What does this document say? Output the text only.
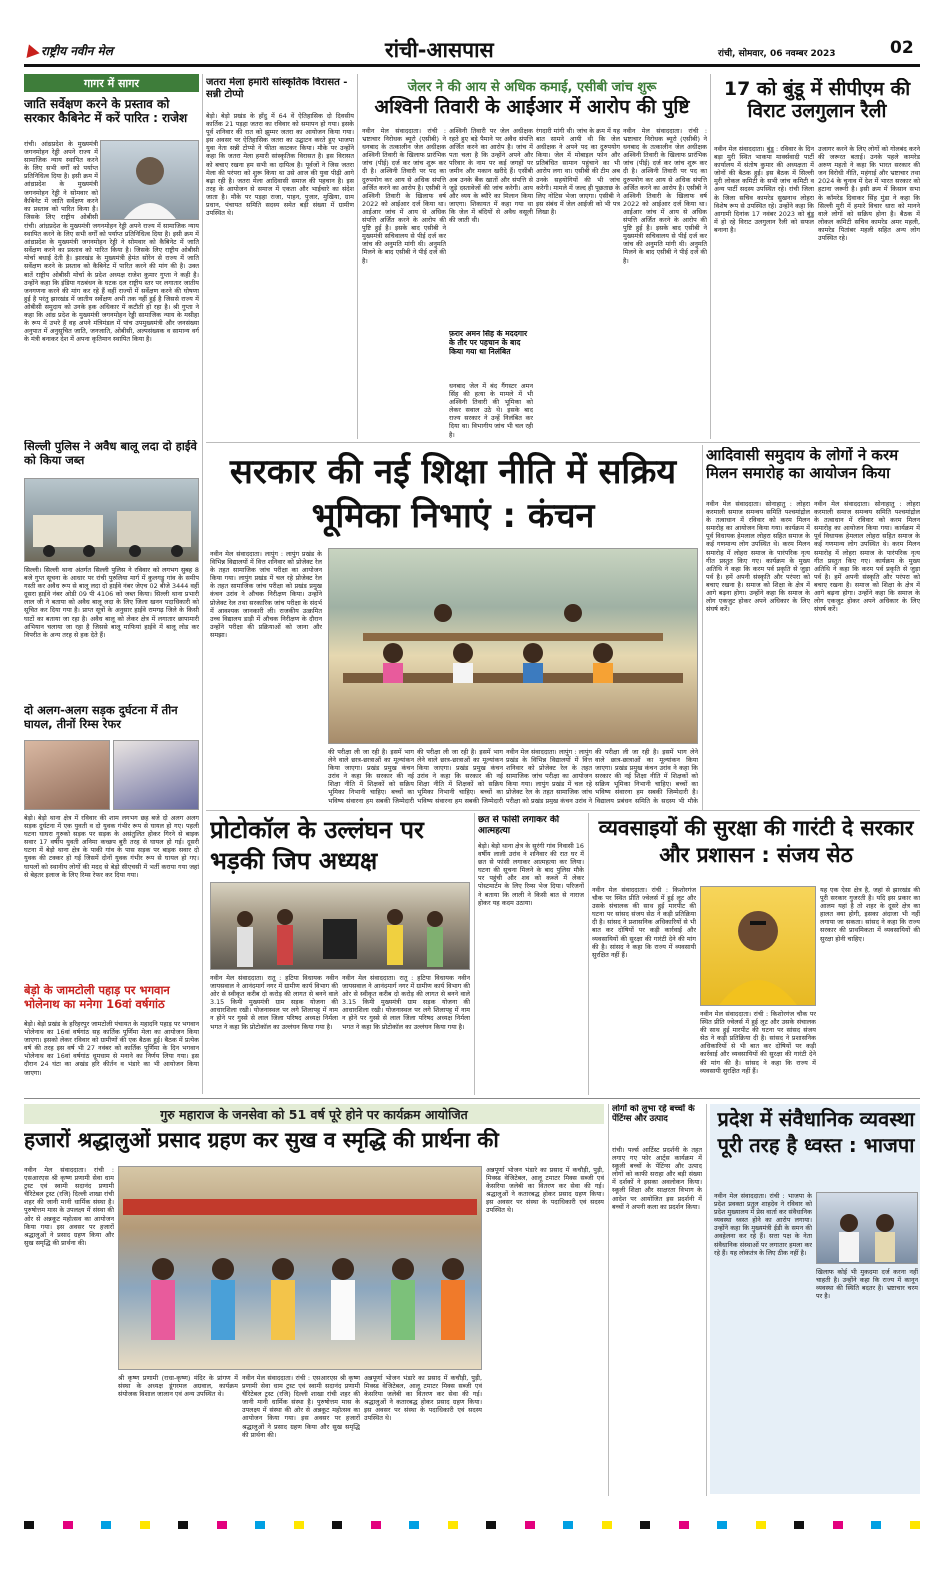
राष्ट्रीय नवीन मेल	रांची-आसपास	रांची, सोमवार, 06 नवम्बर 2023	02
गागर में सागर
जाति सर्वेक्षण करने के प्रस्ताव को सरकार कैबिनेट में करें पारित : राजेश
रांची। आंध्रप्रदेश के मुख्यमंत्री जगनमोहन रेड्डी अपने राज्य में सामाजिक न्याय स्थापित करने के लिए सभी वर्गों को पर्याप्त प्रतिनिधित्व दिया है। इसी क्रम में आंध्रप्रदेश के मुख्यमंत्री जगनमोहन रेड्डी ने सोमवार को कैबिनेट में जाति सर्वेक्षण करने का प्रस्ताव को पारित किया है। जिसके लिए राष्ट्रीय ओबीसी
रांची। आंध्रप्रदेश के मुख्यमंत्री जगनमोहन रेड्डी अपने राज्य में सामाजिक न्याय स्थापित करने के लिए सभी वर्गों को पर्याप्त प्रतिनिधित्व दिया है। इसी क्रम में आंध्रप्रदेश के मुख्यमंत्री जगनमोहन रेड्डी ने सोमवार को कैबिनेट में जाति सर्वेक्षण करने का प्रस्ताव को पारित किया है। जिसके लिए राष्ट्रीय ओबीसी मोर्चा बधाई देती है। झारखंड के मुख्यमंत्री हेमंत सोरेन से राज्य में जाति सर्वेक्षण करने के प्रस्ताव को कैबिनेट में पारित करने की मांग की है। उक्त बातें राष्ट्रीय ओबीसी मोर्चा के प्रदेश अध्यक्ष राजेश कुमार गुप्ता ने कही है। उन्होंने कहा कि इंडिया गठबंधन के घटक दल राष्ट्रीय स्तर पर लगातार जातीय जनगणना करने की मांग कर रहे हैं वहीं राज्यों में सर्वेक्षण करने की घोषणा हुई है परंतु झारखंड में जातीय सर्वेक्षण अभी तक नहीं हुई है जिससे राज्य में ओबीसी समुदाय को उनके हक अधिकार में कटौती हो रहा है। श्री गुप्ता ने कहा कि आंध्र प्रदेश के मुख्यमंत्री जगनमोहन रेड्डी सामाजिक न्याय के मसीहा के रूप में उभरे हैं वह अपने मंत्रिमंडल में पांच उपमुख्यमंत्री और जनसंख्या अनुपात में अनुसूचित जाति, जनजाति, ओबीसी, अल्पसंख्यक व सामान्य वर्ग के मंत्री बनाकर देश में अपना कृतिमान स्थापित किया है।
सिल्ली पुलिस ने अवैध बालू लदा दो हाईवे को किया जब्त
सिल्ली। सिल्ली थाना अंतर्गत सिल्ली पुलिस ने रविवार को लगभग सुबह 8 बजे गुप्त सूचना के आधार पर रांची पुरुलिया मार्ग में कुलगडु गांव के समीप गस्ती कर अवैध रूप से बालू लदा दो हाईवे नंबर जेएच 02 बीजे 3444 वहीं दूसरा हाईवे नंबर ओडी 09 पी 4106 को जब्त किया। सिल्ली थाना प्रभारी लाल जी ने बताया को अवैध बालू लदा के लिए जिला खनन पदाधिकारी को सूचित कर दिया गया है। प्राप्त सूत्रों के अनुसार हाईवे रामगढ़ जिले के किसी घाटों का बताया जा रहा है। अवैध बालू को लेकर क्षेत्र में लगातार छापामारी अभियान चलाया जा रहा है जिससे बालू माफियां हाईवे में बालू लोड कर विपरीत के अन्य तरह से हक देते हैं।
दो अलग-अलग सड़क दुर्घटना में तीन घायल, तीनों रिम्स रेफर
बेड़ो। बेड़ो थाना क्षेत्र में रविवार की शाम लगभग छह बजे दो अलग अलग सड़क दुर्घटना में एक युवती व दो युवक गंभीर रूप से घायल हो गए। पहली घटना घाघरा गुरुको सड़क पर सड़क के असंतुलित होकर गिरने से बाइक सवार 17 वर्षीय युवती अनिमा कच्छप बुरी तरह से घायल हो गई। दूसरी घटना में बेड़ो थाना क्षेत्र के पाकी गांव के पास सड़क पर बाइक सवार दो युवक की टक्कर हो गई जिसमें दोनों युवक गंभीर रूप से घायल हो गए। घायलों को स्थानीय लोगों की मदद से बेड़ो सीएचसी में भर्ती कराया गया जहां से बेहतर इलाज के लिए रिम्स रेफर कर दिया गया।
बेड़ो के जामटोली पहाड़ पर भगवान भोलेनाथ का मनेगा 16वां वर्षगांठ
बेड़ो। बेड़ो प्रखंड के हरिहरपुर जामटोली पंचायत के महादनि पहाड़ पर भगवान भोलेनाथ का 16वां वर्षगांठ सह कार्तिक पूर्णिमा मेला का आयोजन किया जाएगा। इसको लेकर रविवार को ग्रामीणों की एक बैठक हुई। बैठक में प्रत्येक वर्ष की तरह इस वर्ष भी 27 नवंबर को कार्तिक पूर्णिमा के दिन भगवान भोलेनाथ का 16वां वर्षगांठ धूमधाम से मनाने का निर्णय लिया गया। इस दौरान 24 घंटा का अखंड हरि कीर्तन व भंडारे का भी आयोजन किया जाएगा।
जतरा मेला हमारी सांस्कृतिक विरासत - सन्नी टोप्पो
बेड़ो। बेड़ो प्रखंड के हाँदु में 64 वें ऐतिहासिक दो दिवसीय कार्तिक 21 पड़हा जतरा का रविवार को समापन हो गया। इसके पूर्व शनिवार की रात को झुम्मर जतरा का आयोजन किया गया। इस अवसर पर ऐतिहासिक जतरा का उद्घाटन करते हुए भाजपा युवा नेता सन्नी टोप्पो ने फीता काटकर किया। मौके पर उन्होंने कहा कि जतरा मेला हमारी सांस्कृतिक विरासत है। इस विरासत को बचाए रखना हम सभी का दायित्व है। पूर्वजों ने जिस जतरा मेला की परंपरा को शुरू किया था उसे आज की युवा पीढ़ी आगे बढ़ा रही है। जतरा मेला आदिवासी समाज की पहचान है। इस तरह के आयोजन से समाज में एकता और भाईचारे का संदेश जाता है। मौके पर पड़हा राजा, पाहन, पुजार, मुखिया, ग्राम प्रधान, पंचायत समिति सदस्य समेत बड़ी संख्या में ग्रामीण उपस्थित थे।
जेलर ने की आय से अधिक कमाई, एसीबी जांच शुरू
अश्विनी तिवारी के आईआर में आरोप की पुष्टि
नवीन मेल संवाददाता। रांची : भ्रष्टाचार निरोधक ब्यूरो (एसीबी) ने धनबाद के तत्कालीन जेल अधीक्षक अश्विनी तिवारी के खिलाफ प्रारंभिक जांच (पीई) दर्ज कर जांच शुरू कर दी है। अश्विनी तिवारी पर पद का दुरुपयोग कर आय से अधिक संपत्ति अर्जित करने का आरोप है। एसीबी ने अश्विनी तिवारी के खिलाफ वर्ष 2022 को आईआर दर्ज किया था। आईआर जांच में आय से अधिक संपत्ति अर्जित करने के आरोप की पुष्टि हुई है। इसके बाद एसीबी ने मुख्यमंत्री सचिवालय से पीई दर्ज कर जांच की अनुमति मांगी थी। अनुमति मिलने के बाद एसीबी ने पीई दर्ज की है।
अश्विनी तिवारी पर जेल अधीक्षक रहते हुए बड़े पैमाने पर अवैध संपत्ति अर्जित करने का आरोप है। जांच में पता चला है कि उन्होंने अपने और परिवार के नाम पर कई जगहों पर जमीन और मकान खरीदे हैं। एसीबी अब उनके बैंक खातों और संपत्ति से जुड़े दस्तावेजों की जांच करेगी। आय और व्यय के ब्यौरे का मिलान किया जाएगा। शिकायत में कहा गया था कि जेल में बंदियों से अवैध वसूली की जाती थी।
फ़रार अमन सिंह के मददगार के तौर पर पहचान के बाद किया गया था निलंबित
धनबाद जेल में बंद गैंगस्टर अमन सिंह की हत्या के मामले में भी अश्विनी तिवारी की भूमिका को लेकर सवाल उठे थे। इसके बाद राज्य सरकार ने उन्हें निलंबित कर दिया था। विभागीय जांच भी चल रही है।
रंगदारी मांगी थी। जांच के क्रम में यह बात सामने आयी थी कि जेल अधीक्षक ने अपने पद का दुरुपयोग किया। जेल में मोबाइल फोन और प्रतिबंधित सामान पहुंचाने का भी आरोप लगा था। एसीबी की टीम अब उनके सहयोगियों की भी जांच करेगी। मामले में जल्द ही पूछताछ के लिए नोटिस भेजा जाएगा। एसीबी ने इस संबंध में जेल आईजी को भी पत्र लिखा है।
नवीन मेल संवाददाता। रांची : भ्रष्टाचार निरोधक ब्यूरो (एसीबी) ने धनबाद के तत्कालीन जेल अधीक्षक अश्विनी तिवारी के खिलाफ प्रारंभिक जांच (पीई) दर्ज कर जांच शुरू कर दी है। अश्विनी तिवारी पर पद का दुरुपयोग कर आय से अधिक संपत्ति अर्जित करने का आरोप है। एसीबी ने अश्विनी तिवारी के खिलाफ वर्ष 2022 को आईआर दर्ज किया था। आईआर जांच में आय से अधिक संपत्ति अर्जित करने के आरोप की पुष्टि हुई है। इसके बाद एसीबी ने मुख्यमंत्री सचिवालय से पीई दर्ज कर जांच की अनुमति मांगी थी। अनुमति मिलने के बाद एसीबी ने पीई दर्ज की है।
17 को बुंडू में सीपीएम की विराट उलगुलान रैली
नवीन मेल संवाददाता। बुंडू : रविवार के दिन बड़ा मुरी स्थित भाकपा मार्क्सवादी पार्टी कार्यालय में संतोष कुमार की अध्यक्षता में जोनों की बैठक हुई। इस बैठक में सिल्ली मुरी लोकल कमिटी के सभी जांच कमिटी व अन्य पार्टी सदस्य उपस्थित रहे। रांची जिला के जिला सचिव कामरेड सुखनाथ लोहरा विशेष रूप से उपस्थित रहे। उन्होंने कहा कि आगामी दिनांक 17 नवंबर 2023 को बुंडू में हो रहे विराट उलगुलान रैली को सफल बनाना है।
उजागर करने के लिए लोगों को गोलबंद करने की जरूरत बताई। उनके पहले कामरेड अरुण महतो ने कहा कि भारत सरकार की जन विरोधी नीति, महंगाई और भ्रष्टाचार तथा 2024 के चुनाव में देश में भारत सरकार को हटाना जरूरी है। इसी क्रम में किसान सभा के कॉमरेड दिवाकर सिंह मुंडा ने कहा कि सिल्ली मुरी में हमारे विचार धारा को मानने वाले लोगों को सक्रिय होना है। बैठक में लोकल कमिटी सचिव कामरेड अमर महली, कामरेड पितांबर महली सहित अन्य लोग उपस्थित रहे।
सरकार की नई शिक्षा नीति में सक्रिय भूमिका निभाएं : कंचन
नवीन मेल संवाददाता। लापुंग : लापुंग प्रखंड के विभिन्न विद्यालयों में वित्त शनिवार को प्रोजेक्ट रेल के तहत सामाजिक जांच परीक्षा का आयोजन किया गया। लापुंग प्रखंड में चल रहे प्रोजेक्ट रेल के तहत सामाजिक जांच परीक्षा को प्रखंड प्रमुख कंचन उरांव ने औचक निरीक्षण किया। उन्होंने प्रोजेक्ट रेल तथा सरकारिक जांच परीक्षा के संदर्भ में आवश्यक जानकारी ली। राजकीय उत्क्रमित उच्च विद्यालय डाड़ी में औचक निरीक्षण के दौरान उन्होंने परीक्षा की प्रक्रियाओं को जाना और समझा।
की परीक्षा ली जा रही है। इसमें भाग लेने वाले छात्र-छात्राओं का मूल्यांकन किया जाएगा। प्रखंड प्रमुख कंचन उरांव ने कहा कि सरकार की नई शिक्षा नीति में शिक्षकों को सक्रिय भूमिका निभानी चाहिए। बच्चों का भविष्य संवारना हम सबकी जिम्मेदारी
की परीक्षा ली जा रही है। इसमें भाग लेने वाले छात्र-छात्राओं का मूल्यांकन किया जाएगा। प्रखंड प्रमुख कंचन उरांव ने कहा कि सरकार की नई शिक्षा नीति में शिक्षकों को सक्रिय भूमिका निभानी चाहिए। बच्चों का भविष्य संवारना हम सबकी जिम्मेदारी
नवीन मेल संवाददाता। लापुंग : लापुंग प्रखंड के विभिन्न विद्यालयों में वित्त शनिवार को प्रोजेक्ट रेल के तहत सामाजिक जांच परीक्षा का आयोजन किया गया। लापुंग प्रखंड में चल रहे प्रोजेक्ट रेल के तहत सामाजिक जांच परीक्षा को प्रखंड प्रमुख कंचन उरांव ने
की परीक्षा ली जा रही है। इसमें भाग लेने वाले छात्र-छात्राओं का मूल्यांकन किया जाएगा। प्रखंड प्रमुख कंचन उरांव ने कहा कि सरकार की नई शिक्षा नीति में शिक्षकों को सक्रिय भूमिका निभानी चाहिए। बच्चों का भविष्य संवारना हम सबकी जिम्मेदारी है। विद्यालय प्रबंधन समिति के सदस्य भी मौके
आदिवासी समुदाय के लोगों ने करम मिलन समारोह का आयोजन किया
नवीन मेल संवाददाता। सोनाहातु : लोहरा करमाली समाज समन्वय समिति पश्चमांद्रोल के तत्वाधान में रविवार को करम मिलन समारोह का आयोजन किया गया। कार्यक्रम में पूर्व विधायक हेमलाल लोहरा सहित समाज के कई गणमान्य लोग उपस्थित थे। करम मिलन समारोह में लोहरा समाज के पारंपरिक नृत्य गीत प्रस्तुत किए गए। कार्यक्रम के मुख्य अतिथि ने कहा कि करम पर्व प्रकृति से जुड़ा पर्व है। हमें अपनी संस्कृति और परंपरा को बचाए रखना है। समाज को शिक्षा के क्षेत्र में आगे बढ़ना होगा। उन्होंने कहा कि समाज के लोग एकजुट होकर अपने अधिकार के लिए संघर्ष करें।
नवीन मेल संवाददाता। सोनाहातु : लोहरा करमाली समाज समन्वय समिति पश्चमांद्रोल के तत्वाधान में रविवार को करम मिलन समारोह का आयोजन किया गया। कार्यक्रम में पूर्व विधायक हेमलाल लोहरा सहित समाज के कई गणमान्य लोग उपस्थित थे। करम मिलन समारोह में लोहरा समाज के पारंपरिक नृत्य गीत प्रस्तुत किए गए। कार्यक्रम के मुख्य अतिथि ने कहा कि करम पर्व प्रकृति से जुड़ा पर्व है। हमें अपनी संस्कृति और परंपरा को बचाए रखना है। समाज को शिक्षा के क्षेत्र में आगे बढ़ना होगा। उन्होंने कहा कि समाज के लोग एकजुट होकर अपने अधिकार के लिए संघर्ष करें।
प्रोटोकॉल के उल्लंघन पर भड़की जिप अध्यक्ष
नवीन मेल संवाददाता। रातू : हटिया विधायक नवीन जायसवाल ने आनंदमार्ग नगर में ग्रामीण कार्य विभाग की ओर से स्वीकृत करीब दो करोड़ की लागत से बनने वाले 3.15 किमी मुख्यमंत्री ग्राम सड़क योजना की आधारशिला रखी। योजनास्थल पर लगे शिलापट्ट में नाम न होने पर गुस्से से लाल जिला परिषद अध्यक्ष निर्मला भगत ने कहा कि प्रोटोकॉल का उल्लंघन किया गया है।
नवीन मेल संवाददाता। रातू : हटिया विधायक नवीन जायसवाल ने आनंदमार्ग नगर में ग्रामीण कार्य विभाग की ओर से स्वीकृत करीब दो करोड़ की लागत से बनने वाले 3.15 किमी मुख्यमंत्री ग्राम सड़क योजना की आधारशिला रखी। योजनास्थल पर लगे शिलापट्ट में नाम न होने पर गुस्से से लाल जिला परिषद अध्यक्ष निर्मला भगत ने कहा कि प्रोटोकॉल का उल्लंघन किया गया है।
छत से फांसी लगाकर की आत्महत्या
बेड़ो। बेड़ो थाना क्षेत्र के सुरंगी गांव निवासी 16 वर्षीय लाली उरांव ने शनिवार की रात घर में छत से फांसी लगाकर आत्महत्या कर लिया। घटना की सूचना मिलने के बाद पुलिस मौके पर पहुंची और शव को कब्जे में लेकर पोस्टमार्टम के लिए रिम्स भेज दिया। परिजनों ने बताया कि लाली ने किसी बात से नाराज होकर यह कदम उठाया।
व्यवसाइयों की सुरक्षा की गारंटी दे सरकार और प्रशासन : संजय सेठ
नवीन मेल संवाददाता। रांची : किशोरगंज चौक पर स्थित प्रीति ज्वेलर्स में हुई लूट और उसके संचालक की साथ हुई मारपीट की घटना पर सांसद संजय सेठ ने कड़ी प्रतिक्रिया दी है। सांसद ने प्रशासनिक अधिकारियों से भी बात कर दोषियों पर कड़ी कार्रवाई और व्यवसायियों की सुरक्षा की गारंटी देने की मांग की है। सांसद ने कहा कि राज्य में व्यवसायी सुरक्षित नहीं हैं।
नवीन मेल संवाददाता। रांची : किशोरगंज चौक पर स्थित प्रीति ज्वेलर्स में हुई लूट और उसके संचालक की साथ हुई मारपीट की घटना पर सांसद संजय सेठ ने कड़ी प्रतिक्रिया दी है। सांसद ने प्रशासनिक अधिकारियों से भी बात कर दोषियों पर कड़ी कार्रवाई और व्यवसायियों की सुरक्षा की गारंटी देने की मांग की है। सांसद ने कहा कि राज्य में व्यवसायी सुरक्षित नहीं हैं।
यह एक ऐसा क्षेत्र है, जहां से झारखंड की पूरी सरकार गुजरती है। यदि इस प्रकार का आलम यहां है तो शहर के दूसरे क्षेत्र का हालत क्या होगी, इसका अंदाजा भी नहीं लगाया जा सकता। सांसद ने कहा कि राज्य सरकार की प्राथमिकता में व्यवसायियों की सुरक्षा होनी चाहिए।
गुरु महाराज के जनसेवा को 51 वर्ष पूरे होने पर कार्यक्रम आयोजित
हजारों श्रद्धालुओं प्रसाद ग्रहण कर सुख व स्मृद्धि की प्रार्थना की
नवीन मेल संवाददाता। रांची : एसआरएस श्री कृष्ण प्रणामी सेवा धाम ट्रस्ट एवं स्वामी सदानंद प्रणामी चैरिटेबल ट्रस्ट (रजि) दिल्ली शाखा रांची शहर की जानी मानी धार्मिक संस्था है। पुरुषोत्तम मास के उपलक्ष्य में संस्था की ओर से अन्नकूट महोत्सव का आयोजन किया गया। इस अवसर पर हजारों श्रद्धालुओं ने प्रसाद ग्रहण किया और सुख समृद्धि की प्रार्थना की।
श्री कृष्ण प्रणामी (राधा-कृष्ण) मंदिर के प्रांगण में संस्था के अध्यक्ष डूंगरमल अग्रवाल, कार्यक्रम संयोजक विशाल जालान एवं अन्य उपस्थित थे।
नवीन मेल संवाददाता। रांची : एसआरएस श्री कृष्ण प्रणामी सेवा धाम ट्रस्ट एवं स्वामी सदानंद प्रणामी चैरिटेबल ट्रस्ट (रजि) दिल्ली शाखा रांची शहर की जानी मानी धार्मिक संस्था है। पुरुषोत्तम मास के उपलक्ष्य में संस्था की ओर से अन्नकूट महोत्सव का आयोजन किया गया। इस अवसर पर हजारों श्रद्धालुओं ने प्रसाद ग्रहण किया और सुख समृद्धि की प्रार्थना की।
अन्नपूर्णा भोजन भंडारे का प्रसाद में कचौड़ी, पुड़ी, मिक्स्ड वेजिटेबल, आलू टमाटर मिक्स सब्जी एवं केसरिया जलेबी का वितरण कर सेवा की गई। श्रद्धालुओं ने कतारबद्ध होकर प्रसाद ग्रहण किया। इस अवसर पर संस्था के पदाधिकारी एवं सदस्य उपस्थित थे।
अन्नपूर्णा भोजन भंडारे का प्रसाद में कचौड़ी, पुड़ी, मिक्स्ड वेजिटेबल, आलू टमाटर मिक्स सब्जी एवं केसरिया जलेबी का वितरण कर सेवा की गई। श्रद्धालुओं ने कतारबद्ध होकर प्रसाद ग्रहण किया। इस अवसर पर संस्था के पदाधिकारी एवं सदस्य उपस्थित थे।
लोगों को लुभा रहे बच्चों के पेंटिंग्स और उत्पाद
रांची। पर्ल्स आर्टिस्ट प्रदर्शनी के तहत लगाए गए फोर आर्ट्स कार्यक्रम में स्कूली बच्चों के पेंटिंग्स और उत्पाद लोगों को काफी सराहा और बड़ी संख्या में दर्शकों ने इसका अवलोकन किया। स्कूली शिक्षा और साक्षरता विभाग के आदेश पर आयोजित इस प्रदर्शनी में बच्चों ने अपनी कला का प्रदर्शन किया।
प्रदेश में संवैधानिक व्यवस्था पूरी तरह है ध्वस्त : भाजपा
नवीन मेल संवाददाता। रांची : भाजपा के प्रदेश प्रवक्ता प्रतुल शाहदेव ने रविवार को प्रदेश मुख्यालय में प्रेस वार्ता कर संवैधानिक व्यवस्था ध्वस्त होने का आरोप लगाया। उन्होंने कहा कि मुख्यमंत्री ईडी के समन की अवहेलना कर रहे हैं। सत्ता पक्ष के नेता संवैधानिक संस्थाओं पर लगातार हमला कर रहे हैं। यह लोकतंत्र के लिए ठीक नहीं है।
खिलाफ कोई भी मुकदमा दर्ज करना नहीं चाहती है। उन्होंने कहा कि राज्य में कानून व्यवस्था की स्थिति बदतर है। भ्रष्टाचार चरम पर है।
